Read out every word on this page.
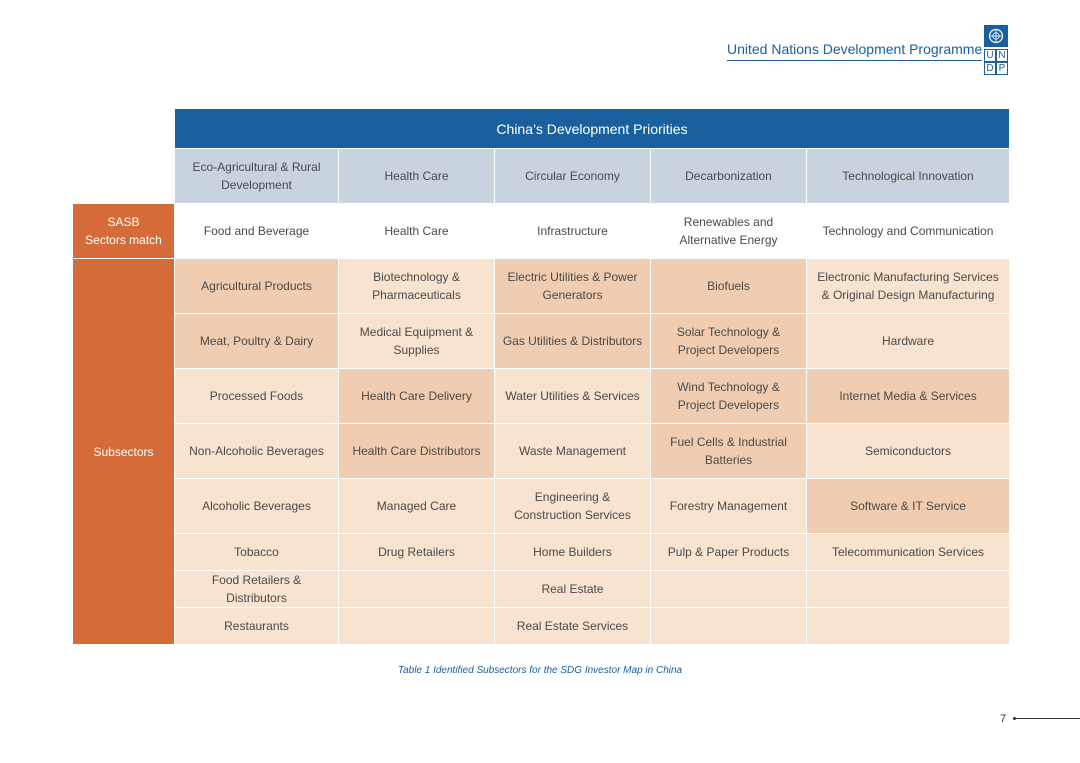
United Nations Development Programme U N
D P
	China’s Development Priorities				
	Eco-Agricultural & Rural Development	Health Care	Circular Economy	Decarbonization	Technological Innovation
SASB
Sectors match	Food and Beverage	Health Care	Infrastructure	Renewables and Alternative Energy	Technology and Communication
Subsectors	Agricultural Products	Biotechnology & Pharmaceuticals	Electric Utilities & Power Generators	Biofuels	Electronic Manufacturing Services & Original Design Manufacturing
	Meat, Poultry & Dairy	Medical Equipment & Supplies	Gas Utilities & Distributors	Solar Technology & Project Developers	Hardware
	Processed Foods	Health Care Delivery	Water Utilities & Services	Wind Technology & Project Developers	Internet Media & Services
	Non-Alcoholic Beverages	Health Care Distributors	Waste Management	Fuel Cells & Industrial Batteries	Semiconductors
	Alcoholic Beverages	Managed Care	Engineering & Construction Services	Forestry Management	Software & IT Service
	Tobacco	Drug Retailers	Home Builders	Pulp & Paper Products	Telecommunication Services
	Food Retailers & Distributors		Real Estate		
	Restaurants		Real Estate Services		
Table 1 Identified Subsectors for the SDG Investor Map in China
7
